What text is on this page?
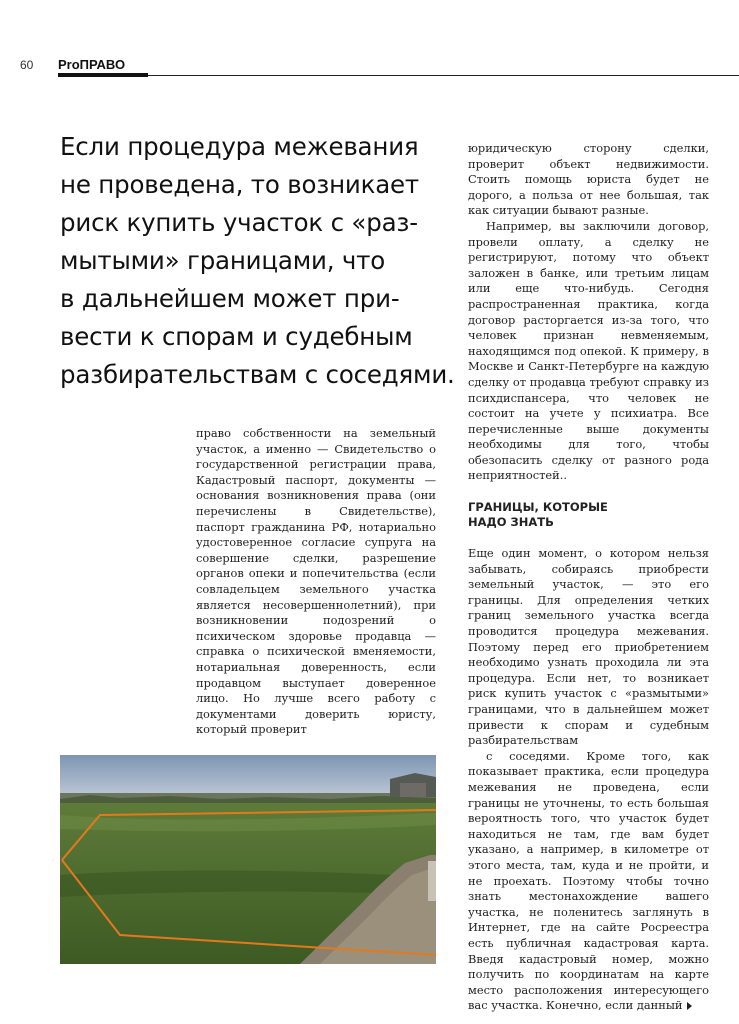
60 ProПРАВО
Если процедура межевания
не проведена, то возникает
риск купить участок с «раз-
мытыми» границами, что
в дальнейшем может при-
вести к спорам и судебным
разбирательствам с соседями.

право собственности на земельный участок, а именно — Свидетельство о государственной регистрации права, Кадастровый паспорт, документы — основания возникновения права (они перечислены в Свидетельстве), паспорт гражданина РФ, нотариально удостоверенное согласие супруга на совершение сделки, разрешение органов опеки и попечительства (если совладельцем земельного участка является несовершеннолетний), при возникновении подозрений о психическом здоровье продавца — справка о психической вменяемости, нотариальная доверенность, если продавцом выступает доверенное лицо. Но лучше всего работу с документами доверить юристу, который проверит

юридическую сторону сделки, проверит объект недвижимости. Стоить помощь юриста будет не дорого, а польза от нее большая, так как ситуации бывают разные.

Например, вы заключили договор, провели оплату, а сделку не регистрируют, потому что объект заложен в банке, или третьим лицам или еще что-нибудь. Сегодня распространенная практика, когда договор расторгается из-за того, что человек признан невменяемым, находящимся под опекой. К примеру, в Москве и Санкт-Петербурге на каждую сделку от продавца требуют справку из психдиспансера, что человек не состоит на учете у психиатра. Все перечисленные выше документы необходимы для того, чтобы обезопасить сделку от разного рода неприятностей..

ГРАНИЦЫ, КОТОРЫЕ
НАДО ЗНАТЬ

Еще один момент, о котором нельзя забывать, собираясь приобрести земельный участок, — это его границы. Для определения четких границ земельного участка всегда проводится процедура межевания. Поэтому перед его приобретением необходимо узнать проходила ли эта процедура. Если нет, то возникает риск купить участок с «размытыми» границами, что в дальнейшем может привести к спорам и судебным разбирательствам

с соседями. Кроме того, как показывает практика, если процедура межевания не проведена, если границы не уточнены, то есть большая вероятность того, что участок будет находиться не там, где вам будет указано, а например, в километре от этого места, там, куда и не пройти, и не проехать. Поэтому чтобы точно знать местонахождение вашего участка, не поленитесь заглянуть в Интернет, где на сайте Росреестра есть публичная кадастровая карта. Введя кадастровый номер, можно получить по координатам на карте место расположения интересующего вас участка. Конечно, если данный
